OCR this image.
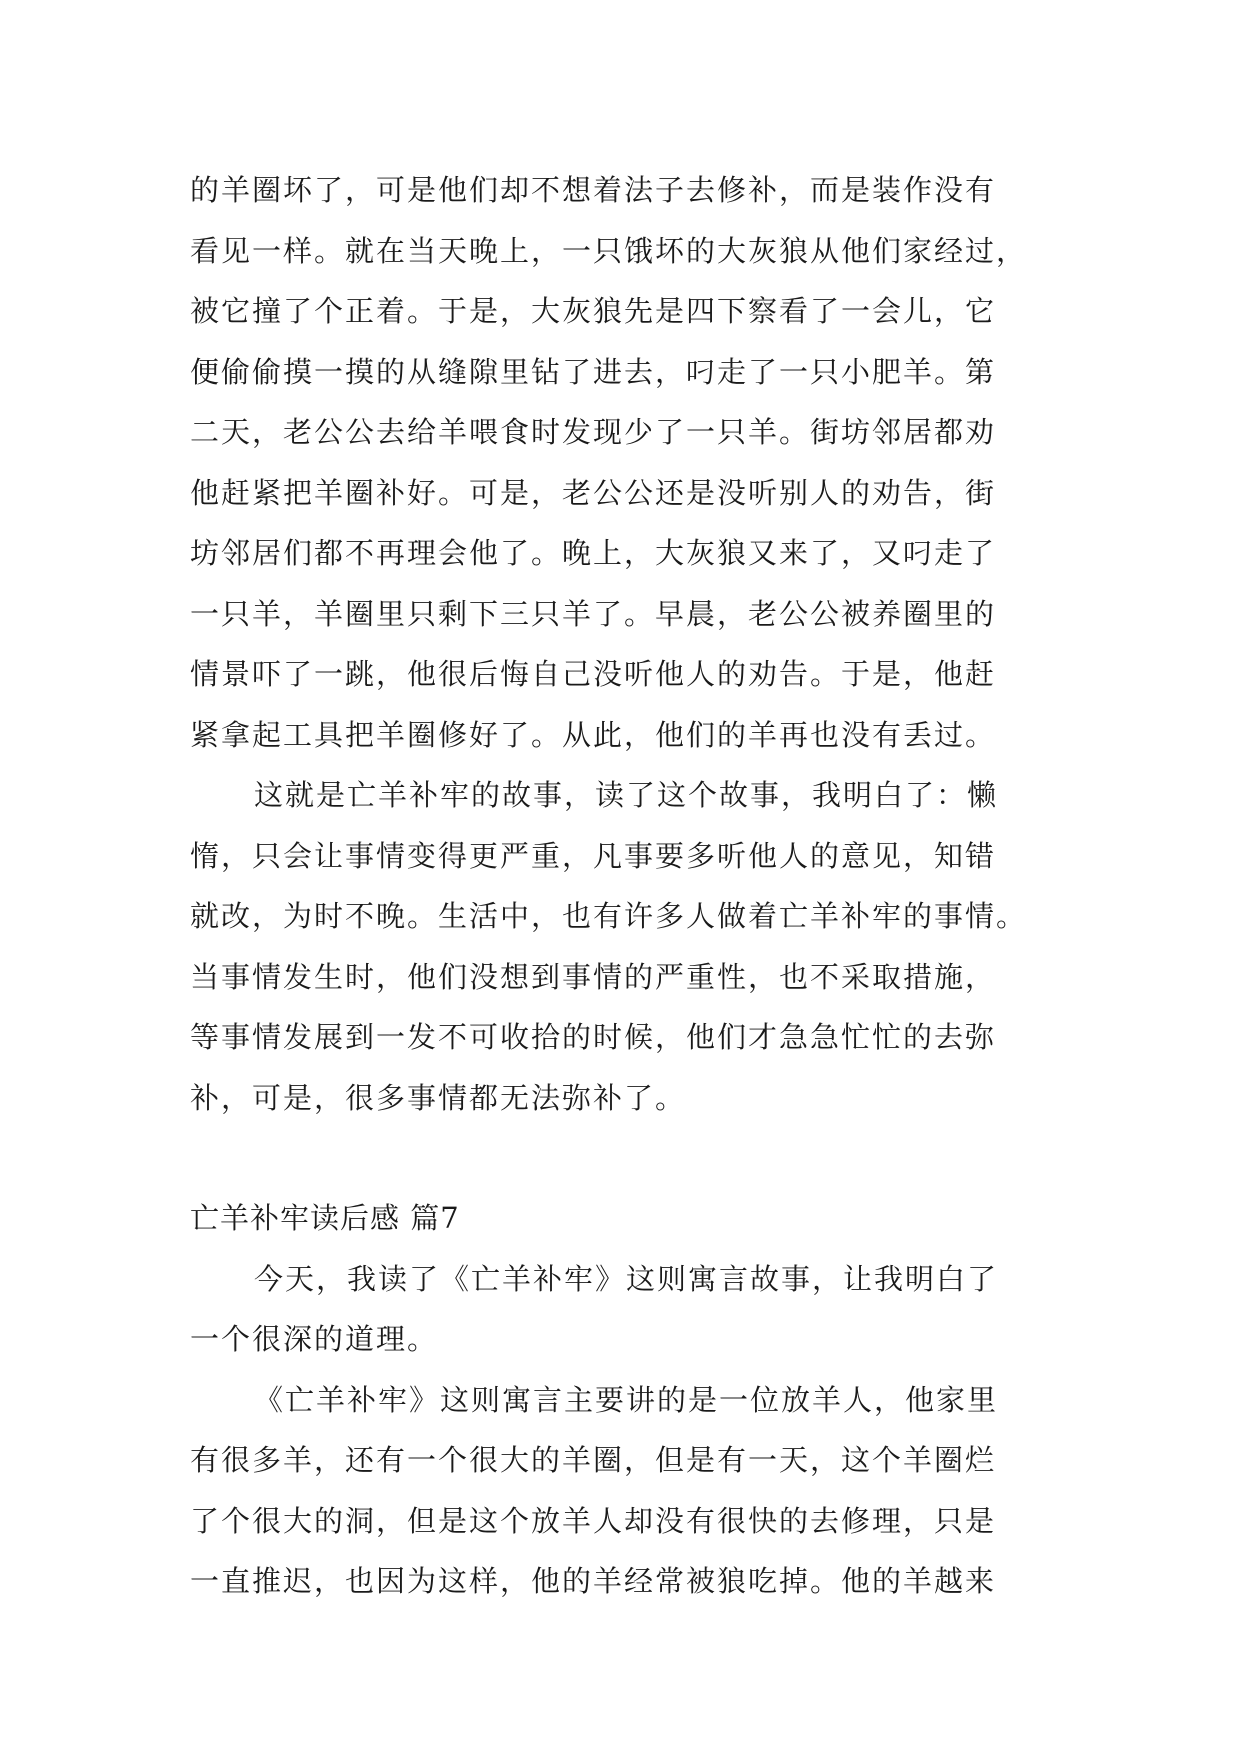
的羊圈坏了，可是他们却不想着法子去修补，而是装作没有
看见一样。就在当天晚上，一只饿坏的大灰狼从他们家经过，
被它撞了个正着。于是，大灰狼先是四下察看了一会儿，它
便偷偷摸一摸的从缝隙里钻了进去，叼走了一只小肥羊。第
二天，老公公去给羊喂食时发现少了一只羊。街坊邻居都劝
他赶紧把羊圈补好。可是，老公公还是没听别人的劝告，街
坊邻居们都不再理会他了。晚上，大灰狼又来了，又叼走了
一只羊，羊圈里只剩下三只羊了。早晨，老公公被养圈里的
情景吓了一跳，他很后悔自己没听他人的劝告。于是，他赶
紧拿起工具把羊圈修好了。从此，他们的羊再也没有丢过。
这就是亡羊补牢的故事，读了这个故事，我明白了：懒
惰，只会让事情变得更严重，凡事要多听他人的意见，知错
就改，为时不晚。生活中，也有许多人做着亡羊补牢的事情。
当事情发生时，他们没想到事情的严重性，也不采取措施，
等事情发展到一发不可收拾的时候，他们才急急忙忙的去弥
补，可是，很多事情都无法弥补了。
亡羊补牢读后感 篇7
今天，我读了《亡羊补牢》这则寓言故事，让我明白了
一个很深的道理。
《亡羊补牢》这则寓言主要讲的是一位放羊人，他家里
有很多羊，还有一个很大的羊圈，但是有一天，这个羊圈烂
了个很大的洞，但是这个放羊人却没有很快的去修理，只是
一直推迟，也因为这样，他的羊经常被狼吃掉。他的羊越来
